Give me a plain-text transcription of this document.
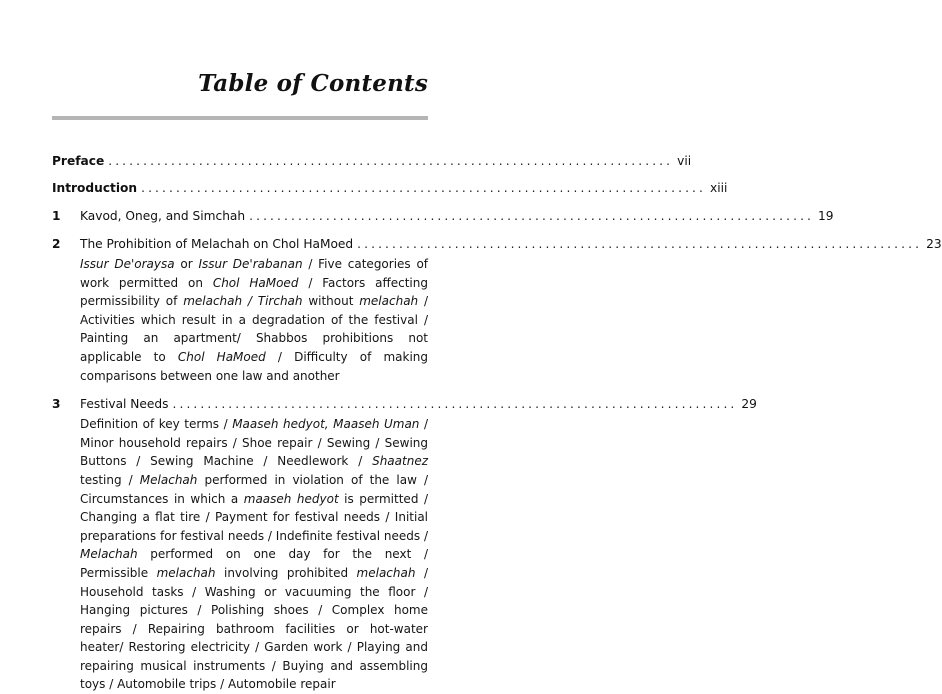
Table of Contents
Preface ................................................................................. vii
Introduction ................................................................................. xiii
1	Kavod, Oneg, and Simchah ................................................................................. 19
2	The Prohibition of Melachah on Chol HaMoed ................................................................................. 23
Issur De'oraysa or Issur De'rabanan / Five categories of work permitted on Chol HaMoed / Factors affecting permissibility of melachah / Tirchah without melachah / Activities which result in a degradation of the festival / Painting an apartment/ Shabbos prohibitions not applicable to Chol HaMoed / Difficulty of making comparisons between one law and another
3	Festival Needs ................................................................................. 29
Definition of key terms / Maaseh hedyot, Maaseh Uman / Minor household repairs / Shoe repair / Sewing / Sewing Buttons / Sewing Machine / Needlework / Shaatnez testing / Melachah performed in violation of the law / Circumstances in which a maaseh hedyot is permitted / Changing a flat tire / Payment for festival needs / Initial preparations for festival needs / Indefinite festival needs / Melachah performed on one day for the next / Permissible melachah involving prohibited melachah / Household tasks / Washing or vacuuming the floor / Hanging pictures / Polishing shoes / Complex home repairs / Repairing bathroom facilities or hot-water heater/ Restoring electricity / Garden work / Playing and repairing musical instruments / Buying and assembling toys / Automobile trips / Automobile repair
